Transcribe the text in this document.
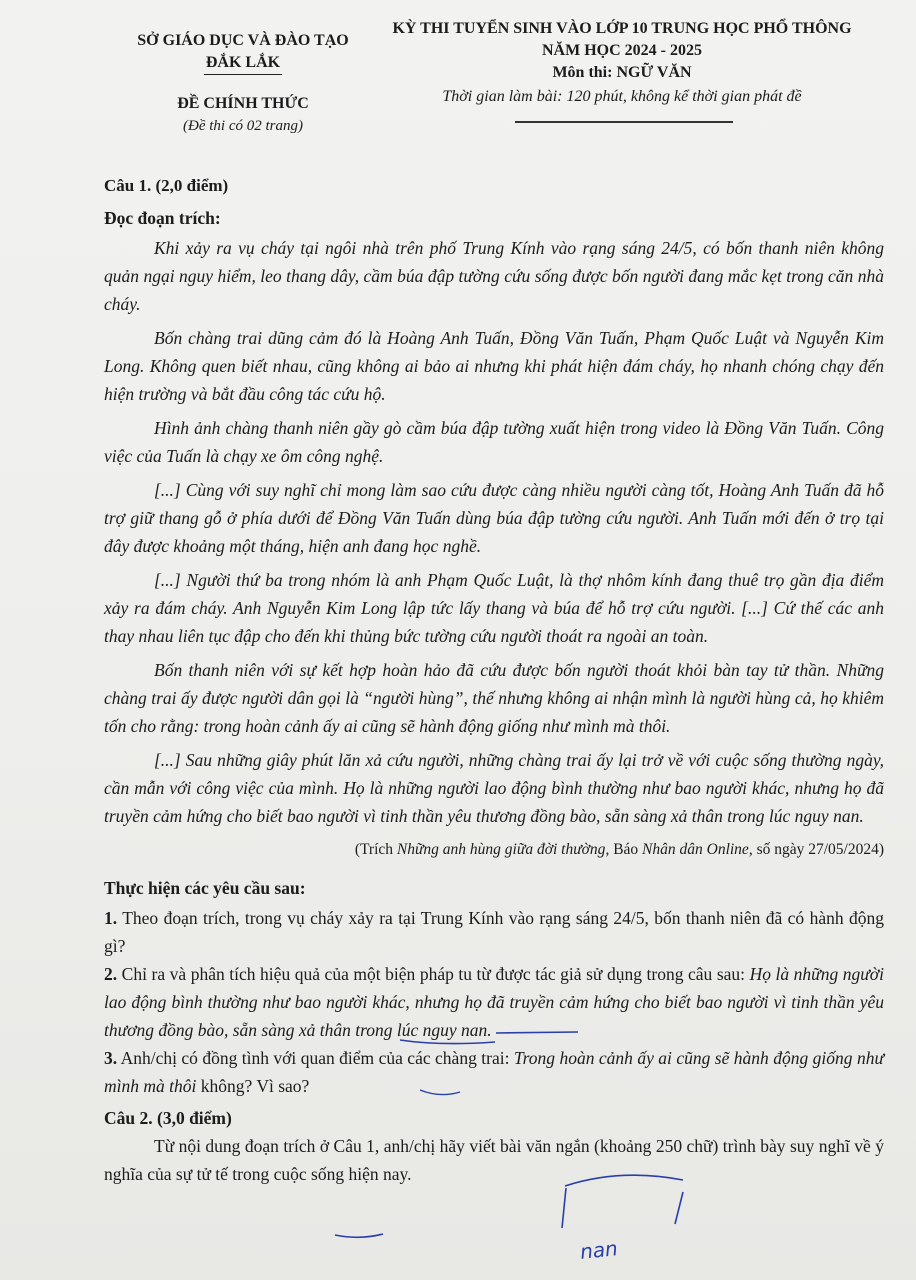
SỞ GIÁO DỤC VÀ ĐÀO TẠO
ĐẮK LẮK
ĐỀ CHÍNH THỨC
(Đề thi có 02 trang)
KỲ THI TUYỂN SINH VÀO LỚP 10 TRUNG HỌC PHỔ THÔNG
NĂM HỌC 2024 - 2025
Môn thi: NGỮ VĂN
Thời gian làm bài: 120 phút, không kể thời gian phát đề

Câu 1. (2,0 điểm)

Đọc đoạn trích:

Khi xảy ra vụ cháy tại ngôi nhà trên phố Trung Kính vào rạng sáng 24/5, có bốn thanh niên không quản ngại nguy hiểm, leo thang dây, cầm búa đập tường cứu sống được bốn người đang mắc kẹt trong căn nhà cháy.

Bốn chàng trai dũng cảm đó là Hoàng Anh Tuấn, Đồng Văn Tuấn, Phạm Quốc Luật và Nguyễn Kim Long. Không quen biết nhau, cũng không ai bảo ai nhưng khi phát hiện đám cháy, họ nhanh chóng chạy đến hiện trường và bắt đầu công tác cứu hộ.

Hình ảnh chàng thanh niên gầy gò cầm búa đập tường xuất hiện trong video là Đồng Văn Tuấn. Công việc của Tuấn là chạy xe ôm công nghệ.

[...] Cùng với suy nghĩ chỉ mong làm sao cứu được càng nhiều người càng tốt, Hoàng Anh Tuấn đã hỗ trợ giữ thang gỗ ở phía dưới để Đồng Văn Tuấn dùng búa đập tường cứu người. Anh Tuấn mới đến ở trọ tại đây được khoảng một tháng, hiện anh đang học nghề.

[...] Người thứ ba trong nhóm là anh Phạm Quốc Luật, là thợ nhôm kính đang thuê trọ gần địa điểm xảy ra đám cháy. Anh Nguyễn Kim Long lập tức lấy thang và búa để hỗ trợ cứu người. [...] Cứ thế các anh thay nhau liên tục đập cho đến khi thủng bức tường cứu người thoát ra ngoài an toàn.

Bốn thanh niên với sự kết hợp hoàn hảo đã cứu được bốn người thoát khỏi bàn tay tử thần. Những chàng trai ấy được người dân gọi là “người hùng”, thế nhưng không ai nhận mình là người hùng cả, họ khiêm tốn cho rằng: trong hoàn cảnh ấy ai cũng sẽ hành động giống như mình mà thôi.

[...] Sau những giây phút lăn xả cứu người, những chàng trai ấy lại trở về với cuộc sống thường ngày, cần mẫn với công việc của mình. Họ là những người lao động bình thường như bao người khác, nhưng họ đã truyền cảm hứng cho biết bao người vì tinh thần yêu thương đồng bào, sẵn sàng xả thân trong lúc nguy nan.

(Trích Những anh hùng giữa đời thường, Báo Nhân dân Online, số ngày 27/05/2024)

Thực hiện các yêu cầu sau:

1. Theo đoạn trích, trong vụ cháy xảy ra tại Trung Kính vào rạng sáng 24/5, bốn thanh niên đã có hành động gì?

2. Chỉ ra và phân tích hiệu quả của một biện pháp tu từ được tác giả sử dụng trong câu sau: Họ là những người lao động bình thường như bao người khác, nhưng họ đã truyền cảm hứng cho biết bao người vì tinh thần yêu thương đồng bào, sẵn sàng xả thân trong lúc nguy nan.

3. Anh/chị có đồng tình với quan điểm của các chàng trai: Trong hoàn cảnh ấy ai cũng sẽ hành động giống như mình mà thôi không? Vì sao?

Câu 2. (3,0 điểm)

Từ nội dung đoạn trích ở Câu 1, anh/chị hãy viết bài văn ngắn (khoảng 250 chữ) trình bày suy nghĩ về ý nghĩa của sự tử tế trong cuộc sống hiện nay.

nan
